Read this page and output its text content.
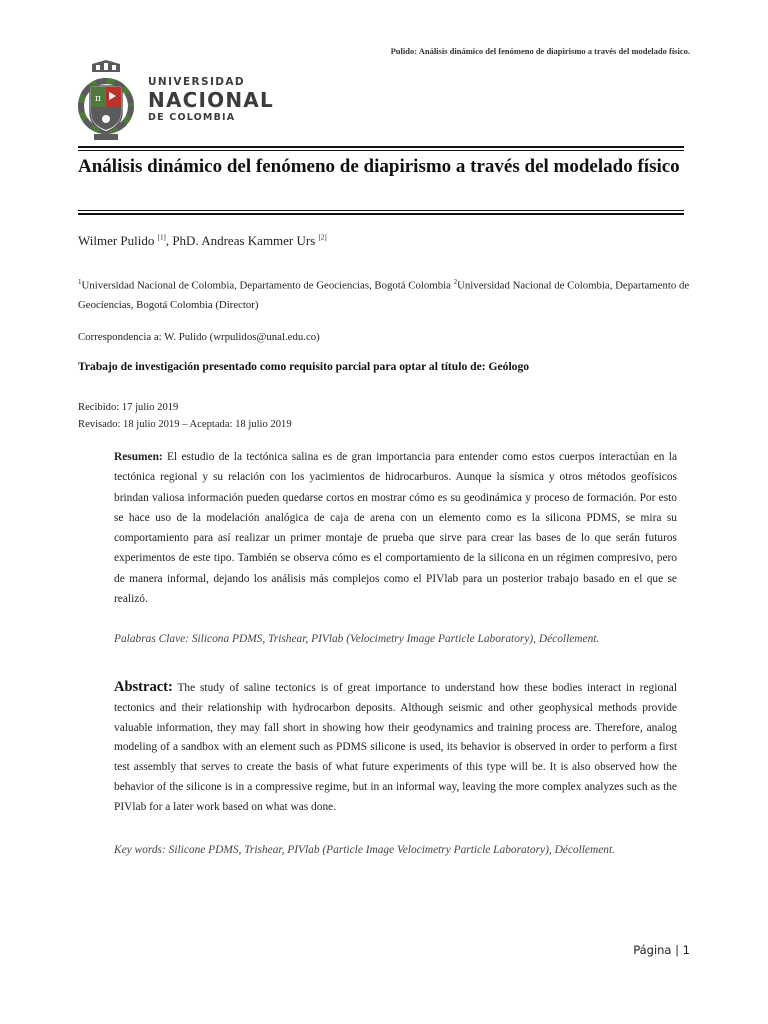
Pulido: Análisis dinámico del fenómeno de diapirismo a través del modelado físico.
π
UNIVERSIDAD
NACIONAL
DE COLOMBIA
Análisis dinámico del fenómeno de diapirismo a través del modelado físico
Wilmer Pulido [1], PhD. Andreas Kammer Urs [2]
$^1$Universidad Nacional de Colombia, Departamento de Geociencias, Bogotá Colombia $^2$Universidad Nacional de Colombia, Departamento de Geociencias, Bogotá Colombia (Director)
Correspondencia a: W. Pulido (wrpulidos@unal.edu.co)
Trabajo de investigación presentado como requisito parcial para optar al título de: Geólogo
Recibido: 17 julio 2019
Revisado: 18 julio 2019 – Aceptada: 18 julio 2019

Resumen: El estudio de la tectónica salina es de gran importancia para entender como estos cuerpos interactúan en la tectónica regional y su relación con los yacimientos de hidrocarburos. Aunque la sísmica y otros métodos geofísicos brindan valiosa información pueden quedarse cortos en mostrar cómo es su geodinámica y proceso de formación. Por esto se hace uso de la modelación analógica de caja de arena con un elemento como es la silicona PDMS, se mira su comportamiento para así realizar un primer montaje de prueba que sirve para crear las bases de lo que serán futuros experimentos de este tipo. También se observa cómo es el comportamiento de la silicona en un régimen compresivo, pero de manera informal, dejando los análisis más complejos como el PIVlab para un posterior trabajo basado en el que se realizó.

Palabras Clave: Silicona PDMS, Trishear, PIVlab (Velocimetry Image Particle Laboratory), Décollement.

Abstract: The study of saline tectonics is of great importance to understand how these bodies interact in regional tectonics and their relationship with hydrocarbon deposits. Although seismic and other geophysical methods provide valuable information, they may fall short in showing how their geodynamics and training process are. Therefore, analog modeling of a sandbox with an element such as PDMS silicone is used, its behavior is observed in order to perform a first test assembly that serves to create the basis of what future experiments of this type will be. It is also observed how the behavior of the silicone is in a compressive regime, but in an informal way, leaving the more complex analyzes such as the PIVlab for a later work based on what was done.

Key words: Silicone PDMS, Trishear, PIVlab (Particle Image Velocimetry Particle Laboratory), Décollement.

Página | 1
